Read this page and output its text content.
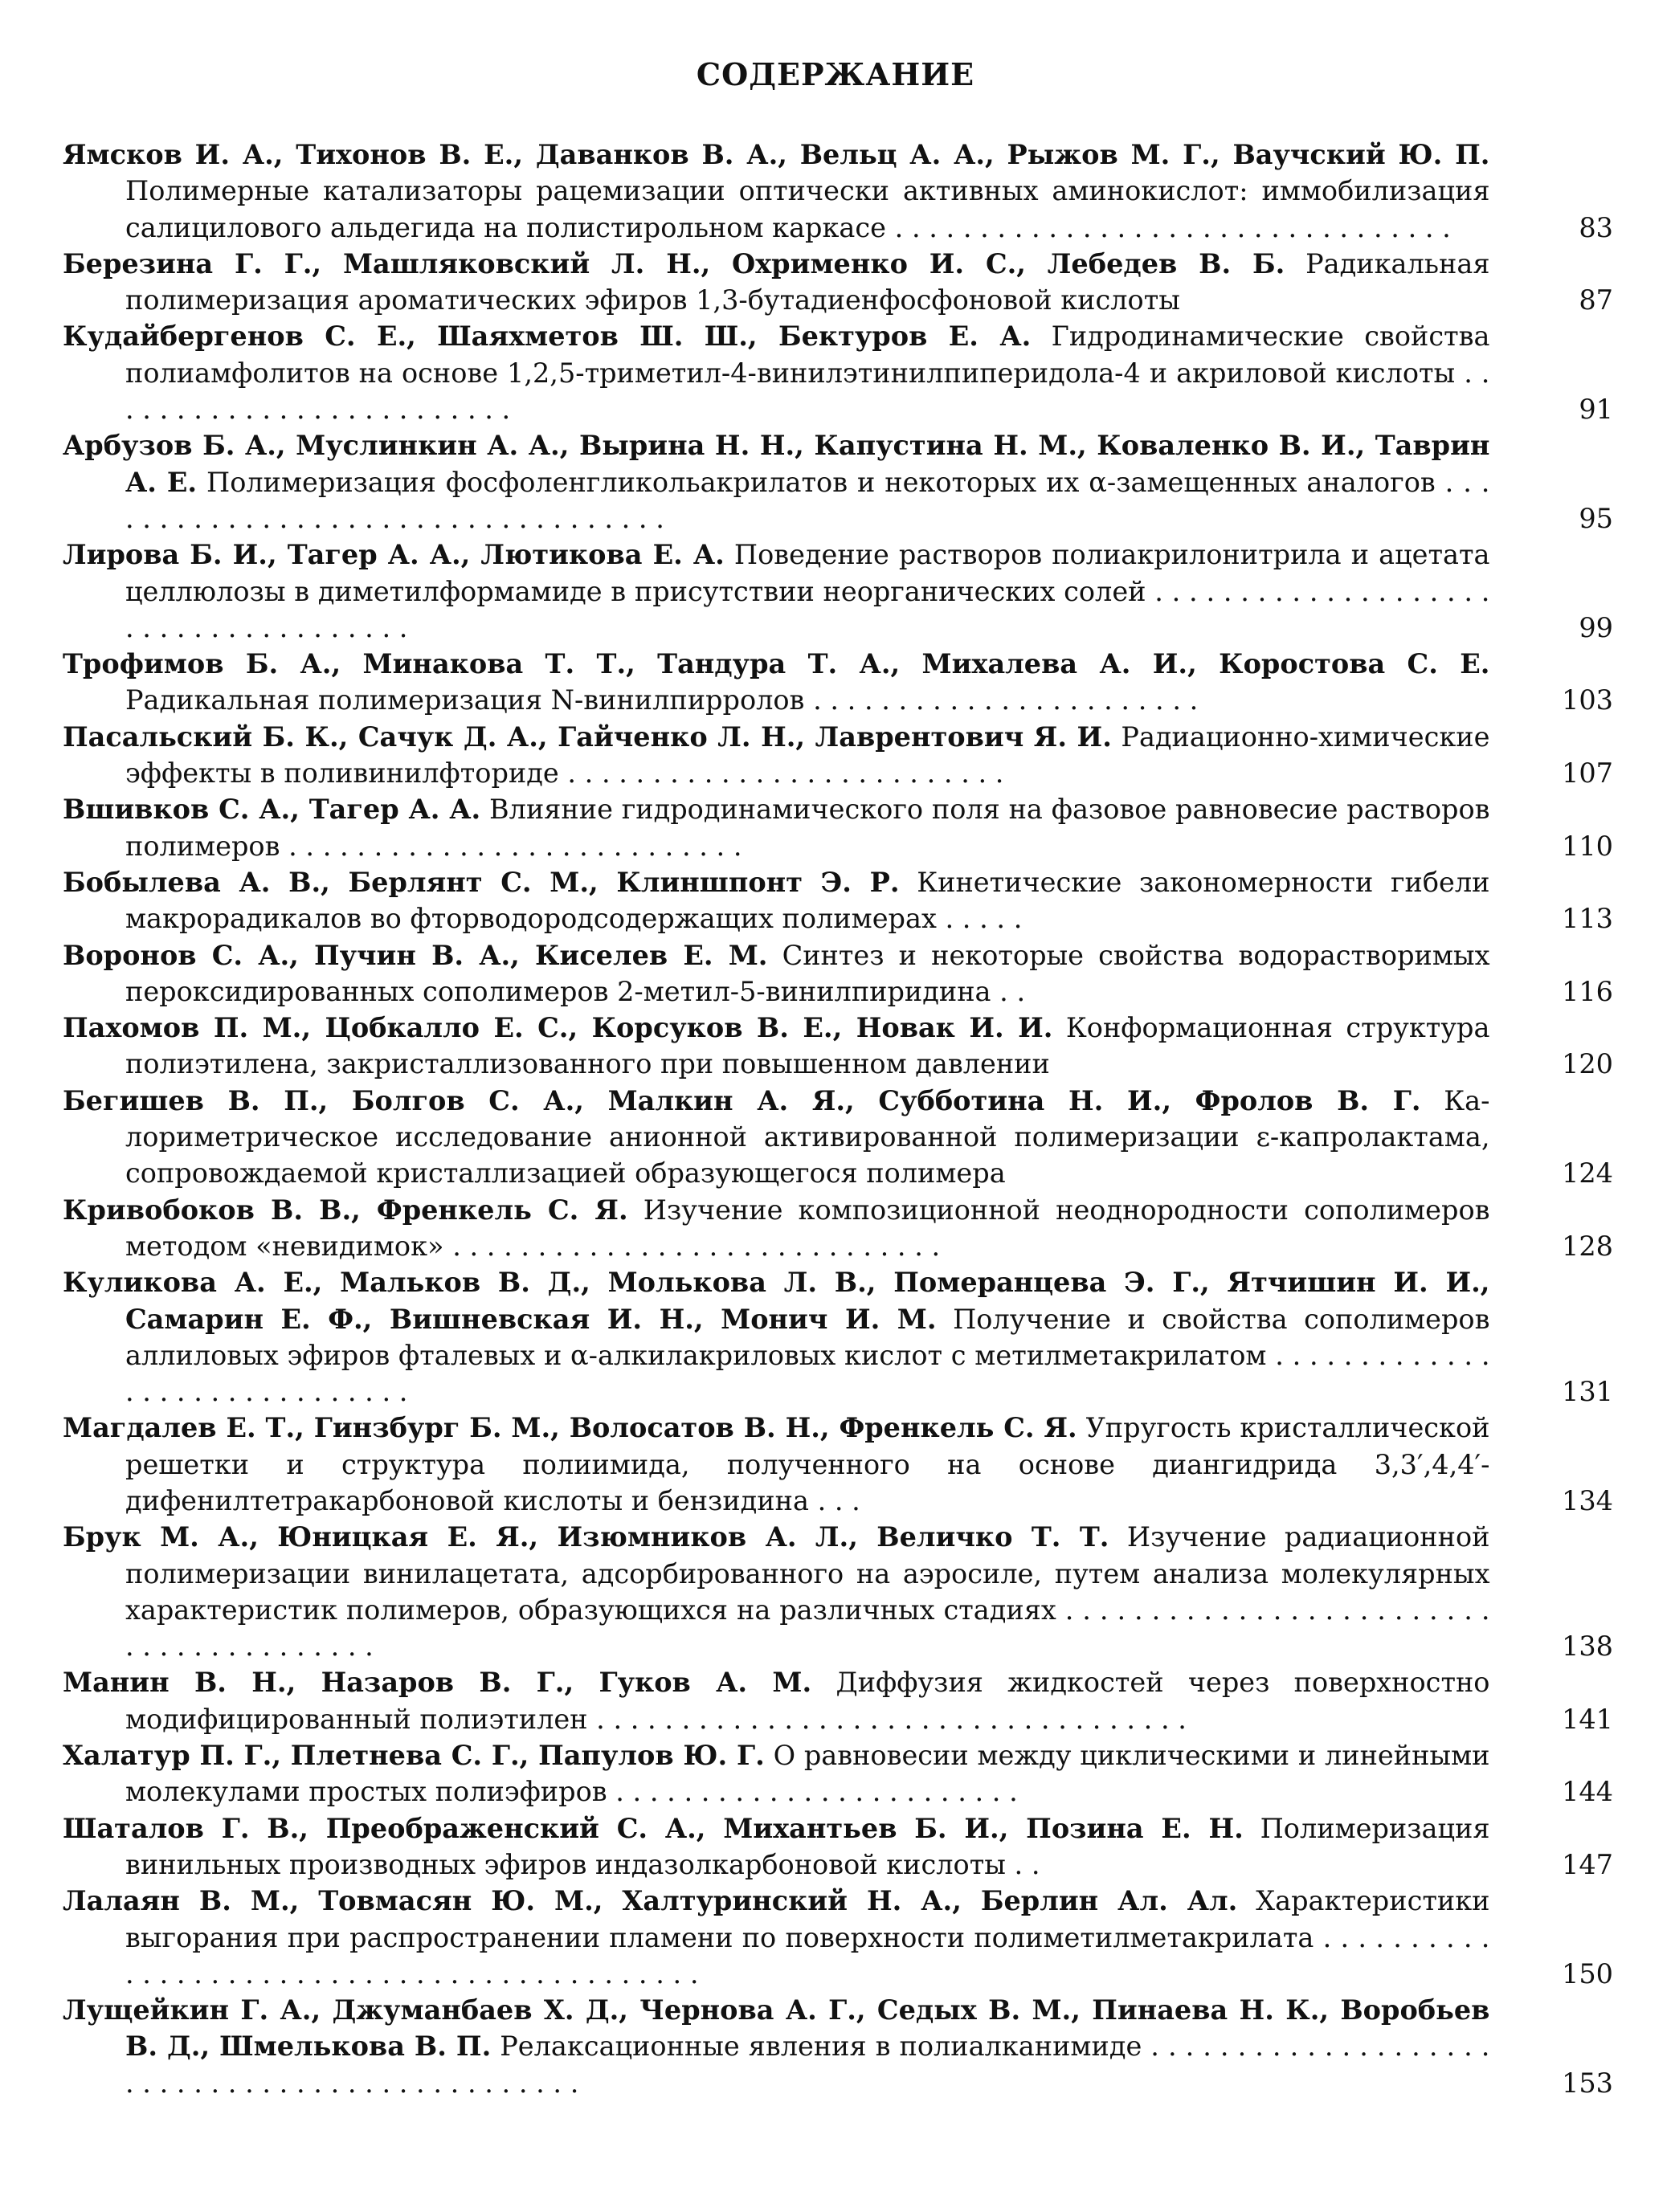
СОДЕРЖАНИЕ
Ямсков И. А., Тихонов В. Е., Даванков В. А., Вельц А. А., Рыжов М. Г., Ваучский Ю. П. Полимерные катализаторы рацемизации оптически активных аминокислот: иммобилизация салицилового альдегида на полистирольном каркасе . . . . . . . . . . . . . . . . . . . . . . . . . . . . . . . . .	83
Березина Г. Г., Машляковский Л. Н., Охрименко И. С., Лебедев В. Б. Радикальная полимеризация ароматических эфиров 1,3-бутадиенфосфоновой кислоты	87
Кудайбергенов С. Е., Шаяхметов Ш. Ш., Бектуров Е. А. Гидродинамические свойства полиамфолитов на основе 1,2,5-триметил-4-винилэтинилпиперидола-4 и акриловой кислоты . . . . . . . . . . . . . . . . . . . . . . . . .	91
Арбузов Б. А., Муслинкин А. А., Вырина Н. Н., Капустина Н. М., Коваленко В. И., Таврин А. Е. Полимеризация фосфоленгликольакрилатов и некоторых их α-замещенных аналогов . . . . . . . . . . . . . . . . . . . . . . . . . . . . . . . . . . .	95
Лирова Б. И., Тагер А. А., Лютикова Е. А. Поведение растворов полиакрилонитрила и ацетата целлюлозы в диметилформамиде в присутствии неорганических солей . . . . . . . . . . . . . . . . . . . . . . . . . . . . . . . . . . . . .	99
Трофимов Б. А., Минакова Т. Т., Тандура Т. А., Михалева А. И., Коростова С. Е. Радикальная полимеризация N-винилпирролов . . . . . . . . . . . . . . . . . . . . . . .	103
Пасальский Б. К., Сачук Д. А., Гайченко Л. Н., Лаврентович Я. И. Радиационно-химические эффекты в поливинилфториде . . . . . . . . . . . . . . . . . . . . . . . . . .	107
Вшивков С. А., Тагер А. А. Влияние гидродинамического поля на фазовое равновесие растворов полимеров . . . . . . . . . . . . . . . . . . . . . . . . . . .	110
Бобылева А. В., Берлянт С. М., Клиншпонт Э. Р. Кинетические закономерности гибели макрорадикалов во фторводородсодержащих полимерах . . . . .	113
Воронов С. А., Пучин В. А., Киселев Е. М. Синтез и некоторые свойства водорастворимых пероксидированных сополимеров 2-метил-5-винилпиридина . .	116
Пахомов П. М., Цобкалло Е. С., Корсуков В. Е., Новак И. И. Конформационная структура полиэтилена, закристаллизованного при повышенном давлении	120
Бегишев В. П., Болгов С. А., Малкин А. Я., Субботина Н. И., Фролов В. Г. Калориметрическое исследование анионной активированной полимеризации ε-капролактама, сопровождаемой кристаллизацией образующегося полимера	124
Кривобоков В. В., Френкель С. Я. Изучение композиционной неоднородности сополимеров методом «невидимок» . . . . . . . . . . . . . . . . . . . . . . . . . . . . .	128
Куликова А. Е., Мальков В. Д., Молькова Л. В., Померанцева Э. Г., Ятчишин И. И., Самарин Е. Ф., Вишневская И. Н., Монич И. М. Получение и свойства сополимеров аллиловых эфиров фталевых и α-алкилакриловых кислот с метилметакрилатом . . . . . . . . . . . . . . . . . . . . . . . . . . . . . .	131
Магдалев Е. Т., Гинзбург Б. М., Волосатов В. Н., Френкель С. Я. Упругость кристаллической решетки и структура полиимида, полученного на основе диангидрида 3,3′,4,4′-дифенилтетракарбоновой кислоты и бензидина . . .	134
Брук М. А., Юницкая Е. Я., Изюмников А. Л., Величко Т. Т. Изучение радиационной полимеризации винилацетата, адсорбированного на аэросиле, путем анализа молекулярных характеристик полимеров, образующихся на различных стадиях . . . . . . . . . . . . . . . . . . . . . . . . . . . . . . . . . . . . . . . .	138
Манин В. Н., Назаров В. Г., Гуков А. М. Диффузия жидкостей через поверхностно модифицированный полиэтилен . . . . . . . . . . . . . . . . . . . . . . . . . . . . . . . . . . .	141
Халатур П. Г., Плетнева С. Г., Папулов Ю. Г. О равновесии между циклическими и линейными молекулами простых полиэфиров . . . . . . . . . . . . . . . . . . . . . . . .	144
Шаталов Г. В., Преображенский С. А., Михантьев Б. И., Позина Е. Н. Полимеризация винильных производных эфиров индазолкарбоновой кислоты . .	147
Лалаян В. М., Товмасян Ю. М., Халтуринский Н. А., Берлин Ал. Ал. Характеристики выгорания при распространении пламени по поверхности полиметилметакрилата . . . . . . . . . . . . . . . . . . . . . . . . . . . . . . . . . . . . . . . . . . . .	150
Лущейкин Г. А., Джуманбаев Х. Д., Чернова А. Г., Седых В. М., Пинаева Н. К., Воробьев В. Д., Шмелькова В. П. Релаксационные явления в полиалканимиде . . . . . . . . . . . . . . . . . . . . . . . . . . . . . . . . . . . . . . . . . . . . . . .	153
